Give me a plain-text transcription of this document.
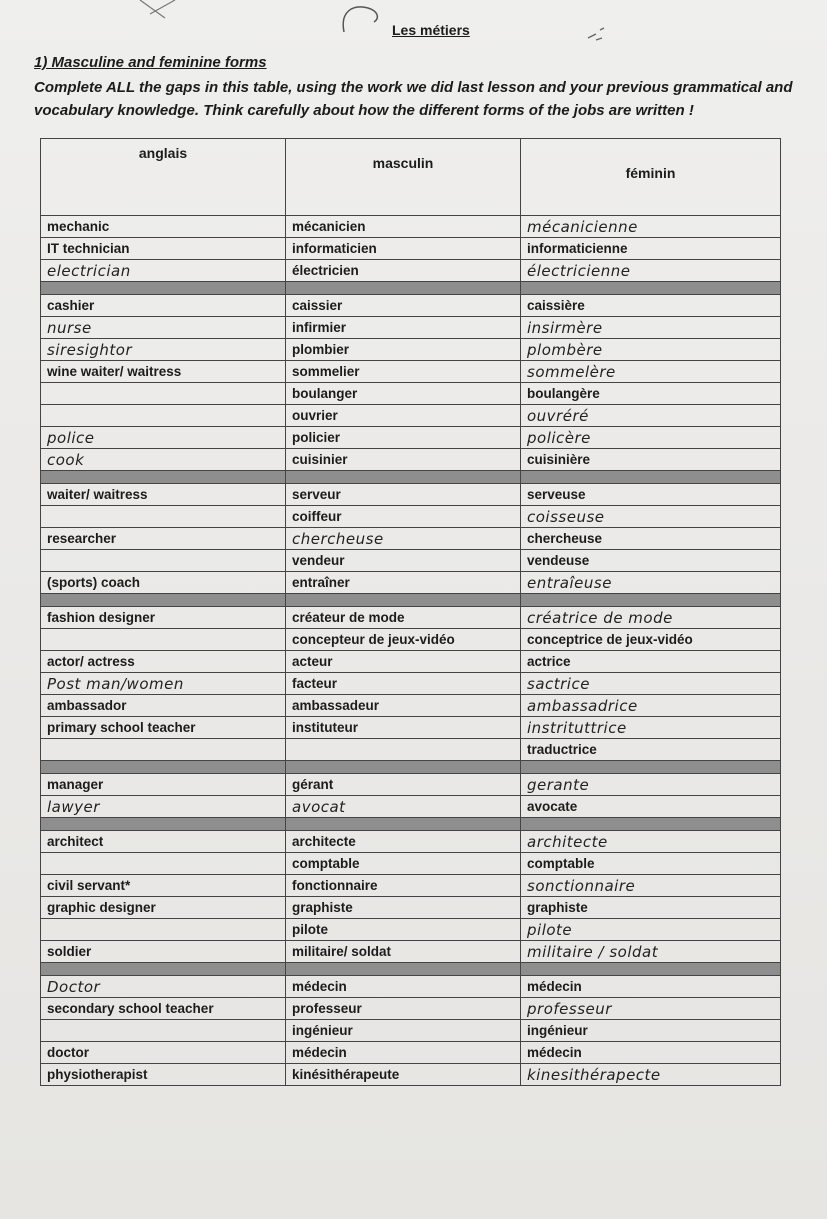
Les métiers
1) Masculine and feminine forms
Complete ALL the gaps in this table, using the work we did last lesson and your previous grammatical and
vocabulary knowledge. Think carefully about how the different forms of the jobs are written !
anglais	masculin	féminin
mechanic	mécanicien	mécanicienne
IT technician	informaticien	informaticienne
electrician	électricien	électricienne

cashier	caissier	caissière
nurse	infirmier	insirmère
siresightor	plombier	plombère
wine waiter/ waitress	sommelier	sommelère
	boulanger	boulangère
	ouvrier	ouvréré
police	policier	policère
cook	cuisinier	cuisinière

waiter/ waitress	serveur	serveuse
	coiffeur	coisseuse
researcher	chercheuse	chercheuse
	vendeur	vendeuse
(sports) coach	entraîner	entraîeuse

fashion designer	créateur de mode	créatrice de mode
	concepteur de jeux-vidéo	conceptrice de jeux-vidéo
actor/ actress	acteur	actrice
Post man/women	facteur	sactrice
ambassador	ambassadeur	ambassadrice
primary school teacher	instituteur	instrituttrice
		traductrice

manager	gérant	gerante
lawyer	avocat	avocate

architect	architecte	architecte
	comptable	comptable
civil servant*	fonctionnaire	sonctionnaire
graphic designer	graphiste	graphiste
	pilote	pilote
soldier	militaire/ soldat	militaire / soldat

Doctor	médecin	médecin
secondary school teacher	professeur	professeur
	ingénieur	ingénieur
doctor	médecin	médecin
physiotherapist	kinésithérapeute	kinesithérapecte
